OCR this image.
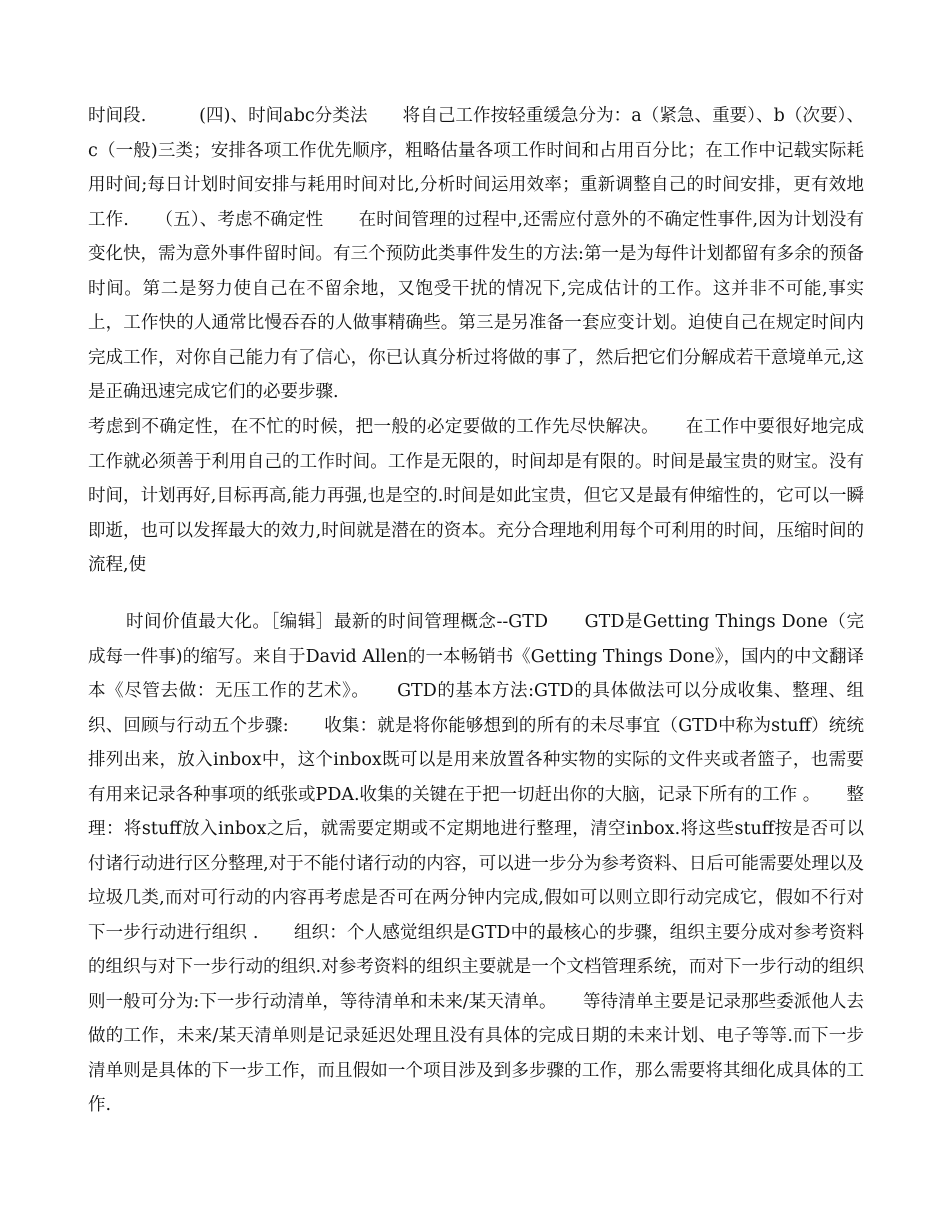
时间段.　　　(四)、时间abc分类法　　将自己工作按轻重缓急分为：a（紧急、重要）、b（次要）、c（一般)三类；安排各项工作优先顺序，粗略估量各项工作时间和占用百分比；在工作中记载实际耗用时间;每日计划时间安排与耗用时间对比,分析时间运用效率；重新调整自己的时间安排，更有效地工作.　　（五）、考虑不确定性　　在时间管理的过程中,还需应付意外的不确定性事件,因为计划没有变化快，需为意外事件留时间。有三个预防此类事件发生的方法:第一是为每件计划都留有多余的预备时间。第二是努力使自己在不留余地，又饱受干扰的情况下,完成估计的工作。这并非不可能,事实上，工作快的人通常比慢吞吞的人做事精确些。第三是另准备一套应变计划。迫使自己在规定时间内完成工作，对你自己能力有了信心，你已认真分析过将做的事了，然后把它们分解成若干意境单元,这是正确迅速完成它们的必要步骤.

考虑到不确定性，在不忙的时候，把一般的必定要做的工作先尽快解决。　　在工作中要很好地完成工作就必须善于利用自己的工作时间。工作是无限的，时间却是有限的。时间是最宝贵的财宝。没有时间，计划再好,目标再高,能力再强,也是空的.时间是如此宝贵，但它又是最有伸缩性的，它可以一瞬即逝，也可以发挥最大的效力,时间就是潜在的资本。充分合理地利用每个可利用的时间，压缩时间的流程,使

时间价值最大化。［编辑］最新的时间管理概念--GTD　　GTD是Getting Things Done（完成每一件事)的缩写。来自于David Allen的一本畅销书《Getting Things Done》，国内的中文翻译本《尽管去做：无压工作的艺术》。　　GTD的基本方法:GTD的具体做法可以分成收集、整理、组织、回顾与行动五个步骤:　　收集：就是将你能够想到的所有的未尽事宜（GTD中称为stuff）统统排列出来，放入inbox中，这个inbox既可以是用来放置各种实物的实际的文件夹或者篮子，也需要有用来记录各种事项的纸张或PDA.收集的关键在于把一切赶出你的大脑，记录下所有的工作 。　　整理：将stuff放入inbox之后，就需要定期或不定期地进行整理，清空inbox.将这些stuff按是否可以付诸行动进行区分整理,对于不能付诸行动的内容，可以进一步分为参考资料、日后可能需要处理以及垃圾几类,而对可行动的内容再考虑是否可在两分钟内完成,假如可以则立即行动完成它，假如不行对下一步行动进行组织 .　　组织：个人感觉组织是GTD中的最核心的步骤，组织主要分成对参考资料的组织与对下一步行动的组织.对参考资料的组织主要就是一个文档管理系统，而对下一步行动的组织则一般可分为:下一步行动清单，等待清单和未来/某天清单。　　等待清单主要是记录那些委派他人去做的工作，未来/某天清单则是记录延迟处理且没有具体的完成日期的未来计划、电子等等.而下一步清单则是具体的下一步工作，而且假如一个项目涉及到多步骤的工作，那么需要将其细化成具体的工作.
